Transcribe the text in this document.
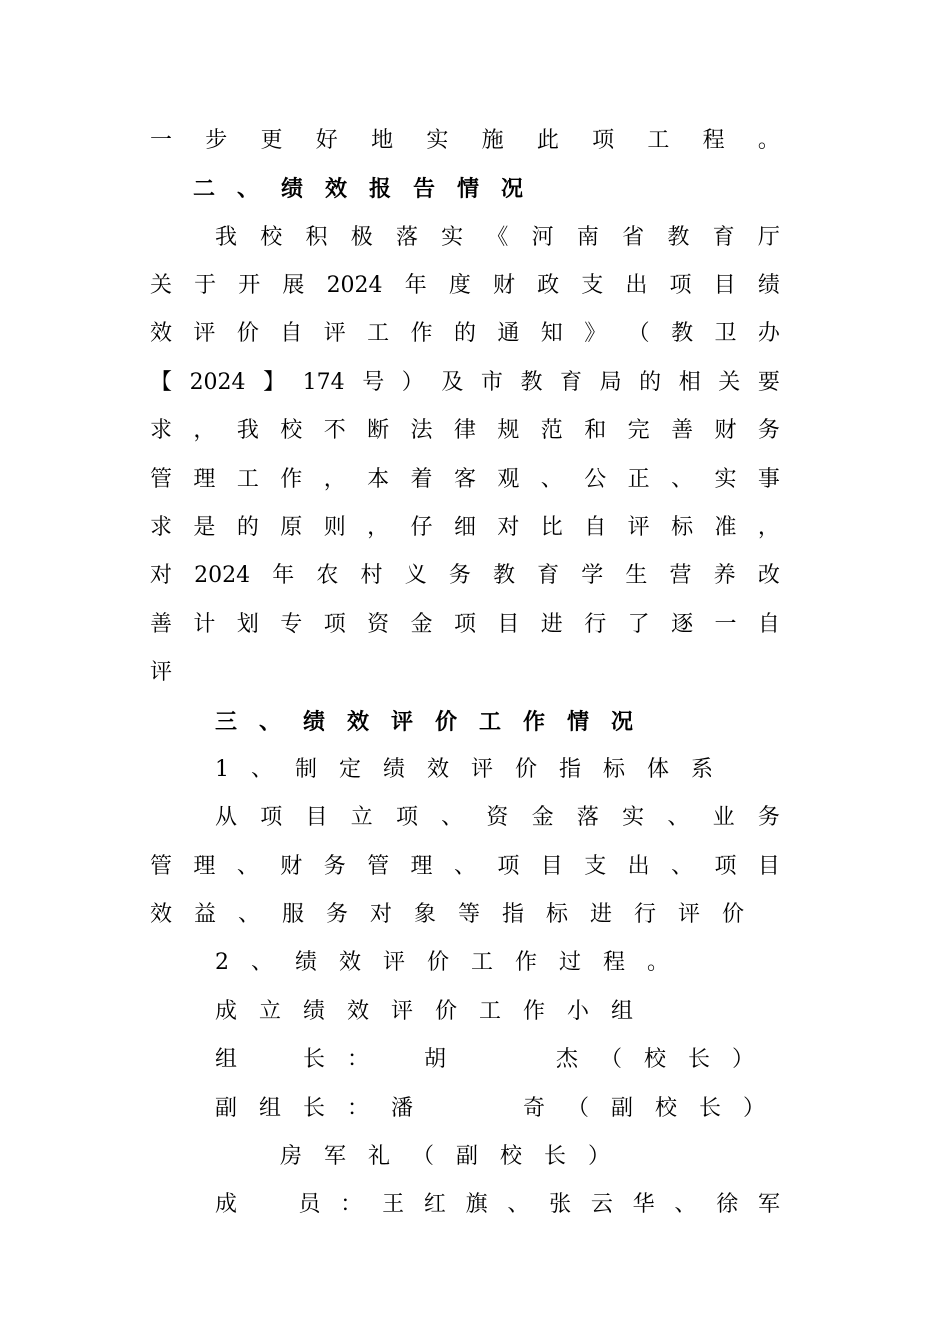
一 步 更 好 地 实 施 此 项 工 程 。
二、绩效报告情况
我 校 积 极 落 实 《 河 南 省 教 育 厅
关 于 开 展 2024 年 度 财 政 支 出 项 目 绩
效 评 价 自 评 工 作 的 通 知 》 （ 教 卫 办
【 2024 】 174 号 ） 及 市 教 育 局 的 相 关 要
求 ， 我 校 不 断 法 律 规 范 和 完 善 财 务
管 理 工 作 ， 本 着 客 观 、 公 正 、 实 事
求 是 的 原 则 ， 仔 细 对 比 自 评 标 准 ，
对 2024 年 农 村 义 务 教 育 学 生 营 养 改
善 计 划 专 项 资 金 项 目 进 行 了 逐 一 自
评
三、绩效评价工作情况
1、制定绩效评价指标体系
从 项 目 立 项 、 资 金 落 实 、 业 务
管 理 、 财 务 管 理 、 项 目 支 出 、 项 目
效益、服务对象等指标进行评价
2、绩效评价工作过程。
成立绩效评价工作小组
组　长：　胡　　杰（校长）
副组长：潘　　奇（副校长）
房军礼（副校长）
成
　	员 ： 王 红 旗 、 张 云 华 、 徐 军
